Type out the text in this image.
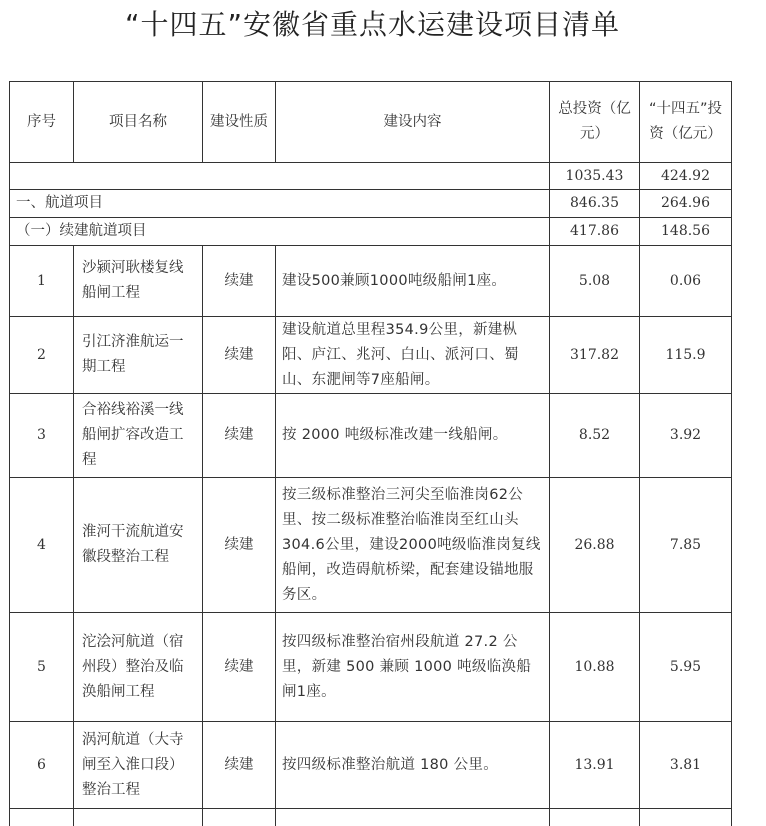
“十四五”安徽省重点水运建设项目清单
序号	项目名称	建设性质	建设内容	总投资（亿元）	“十四五”投资（亿元）
				1035.43	424.92
一、航道项目				846.35	264.96
（一）续建航道项目				417.86	148.56
1	沙颍河耿楼复线船闸工程	续建	建设500兼顾1000吨级船闸1座。	5.08	0.06
2	引江济淮航运一期工程	续建	建设航道总里程354.9公里，新建枞阳、庐江、兆河、白山、派河口、蜀山、东淝闸等7座船闸。	317.82	115.9
3	合裕线裕溪一线船闸扩容改造工程	续建	按 2000 吨级标准改建一线船闸。	8.52	3.92
4	淮河干流航道安徽段整治工程	续建	按三级标准整治三河尖至临淮岗62公里、按二级标准整治临淮岗至红山头304.6公里，建设2000吨级临淮岗复线船闸，改造碍航桥梁，配套建设锚地服务区。	26.88	7.85
5	沱浍河航道（宿州段）整治及临涣船闸工程	续建	按四级标准整治宿州段航道 27.2 公里，新建 500 兼顾 1000 吨级临涣船闸1座。	10.88	5.95
6	涡河航道（大寺闸至入淮口段）整治工程	续建	按四级标准整治航道 180 公里。	13.91	3.81
